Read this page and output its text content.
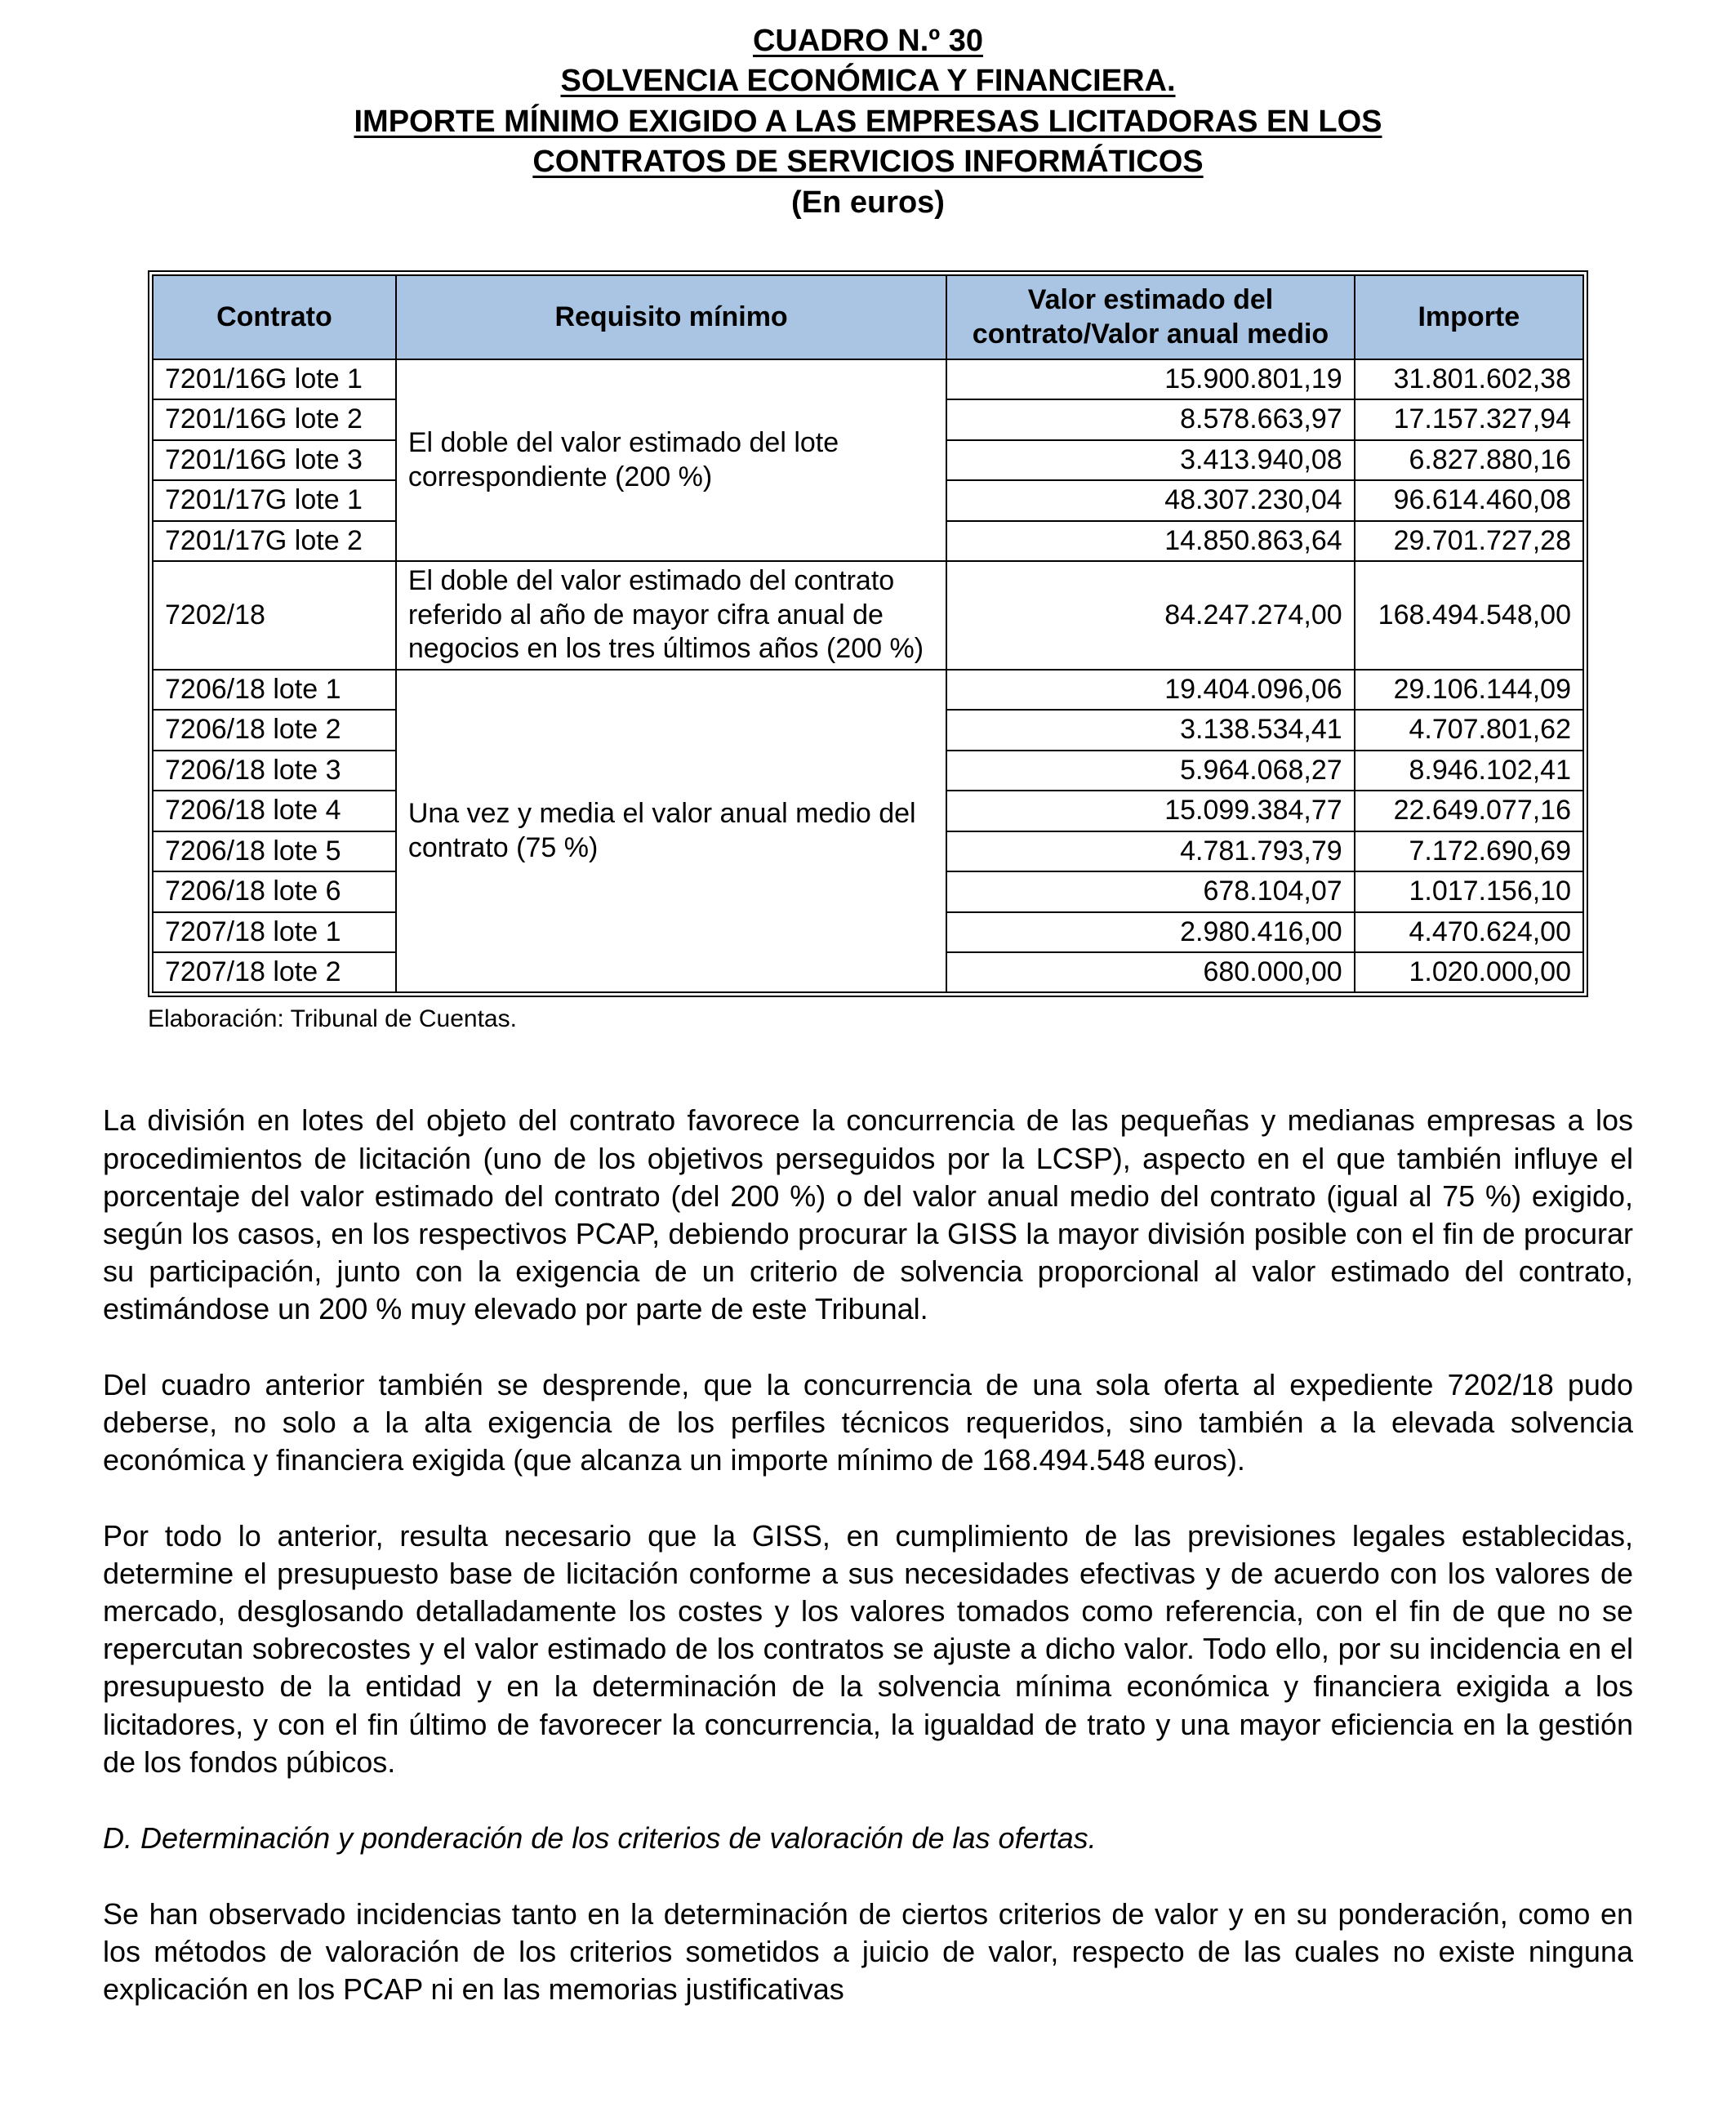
CUADRO N.º 30
SOLVENCIA ECONÓMICA Y FINANCIERA.
IMPORTE MÍNIMO EXIGIDO A LAS EMPRESAS LICITADORAS EN LOS
CONTRATOS DE SERVICIOS INFORMÁTICOS
(En euros)
Contrato	Requisito mínimo	Valor estimado del contrato/Valor anual medio	Importe
7201/16G lote 1	El doble del valor estimado del lote correspondiente (200 %)	15.900.801,19	31.801.602,38
7201/16G lote 2		8.578.663,97	17.157.327,94
7201/16G lote 3		3.413.940,08	6.827.880,16
7201/17G lote 1		48.307.230,04	96.614.460,08
7201/17G lote 2		14.850.863,64	29.701.727,28
7202/18	El doble del valor estimado del contrato referido al año de mayor cifra anual de negocios en los tres últimos años (200 %)	84.247.274,00	168.494.548,00
7206/18 lote 1	Una vez y media el valor anual medio del contrato (75 %)	19.404.096,06	29.106.144,09
7206/18 lote 2		3.138.534,41	4.707.801,62
7206/18 lote 3		5.964.068,27	8.946.102,41
7206/18 lote 4		15.099.384,77	22.649.077,16
7206/18 lote 5		4.781.793,79	7.172.690,69
7206/18 lote 6		678.104,07	1.017.156,10
7207/18 lote 1		2.980.416,00	4.470.624,00
7207/18 lote 2		680.000,00	1.020.000,00
Elaboración: Tribunal de Cuentas.

La división en lotes del objeto del contrato favorece la concurrencia de las pequeñas y medianas empresas a los procedimientos de licitación (uno de los objetivos perseguidos por la LCSP), aspecto en el que también influye el porcentaje del valor estimado del contrato (del 200 %) o del valor anual medio del contrato (igual al 75 %) exigido, según los casos, en los respectivos PCAP, debiendo procurar la GISS la mayor división posible con el fin de procurar su participación, junto con la exigencia de un criterio de solvencia proporcional al valor estimado del contrato, estimándose un 200 % muy elevado por parte de este Tribunal.

Del cuadro anterior también se desprende, que la concurrencia de una sola oferta al expediente 7202/18 pudo deberse, no solo a la alta exigencia de los perfiles técnicos requeridos, sino también a la elevada solvencia económica y financiera exigida (que alcanza un importe mínimo de 168.494.548 euros).

Por todo lo anterior, resulta necesario que la GISS, en cumplimiento de las previsiones legales establecidas, determine el presupuesto base de licitación conforme a sus necesidades efectivas y de acuerdo con los valores de mercado, desglosando detalladamente los costes y los valores tomados como referencia, con el fin de que no se repercutan sobrecostes y el valor estimado de los contratos se ajuste a dicho valor. Todo ello, por su incidencia en el presupuesto de la entidad y en la determinación de la solvencia mínima económica y financiera exigida a los licitadores, y con el fin último de favorecer la concurrencia, la igualdad de trato y una mayor eficiencia en la gestión de los fondos púbicos.

D. Determinación y ponderación de los criterios de valoración de las ofertas.

Se han observado incidencias tanto en la determinación de ciertos criterios de valor y en su ponderación, como en los métodos de valoración de los criterios sometidos a juicio de valor, respecto de las cuales no existe ninguna explicación en los PCAP ni en las memorias justificativas
